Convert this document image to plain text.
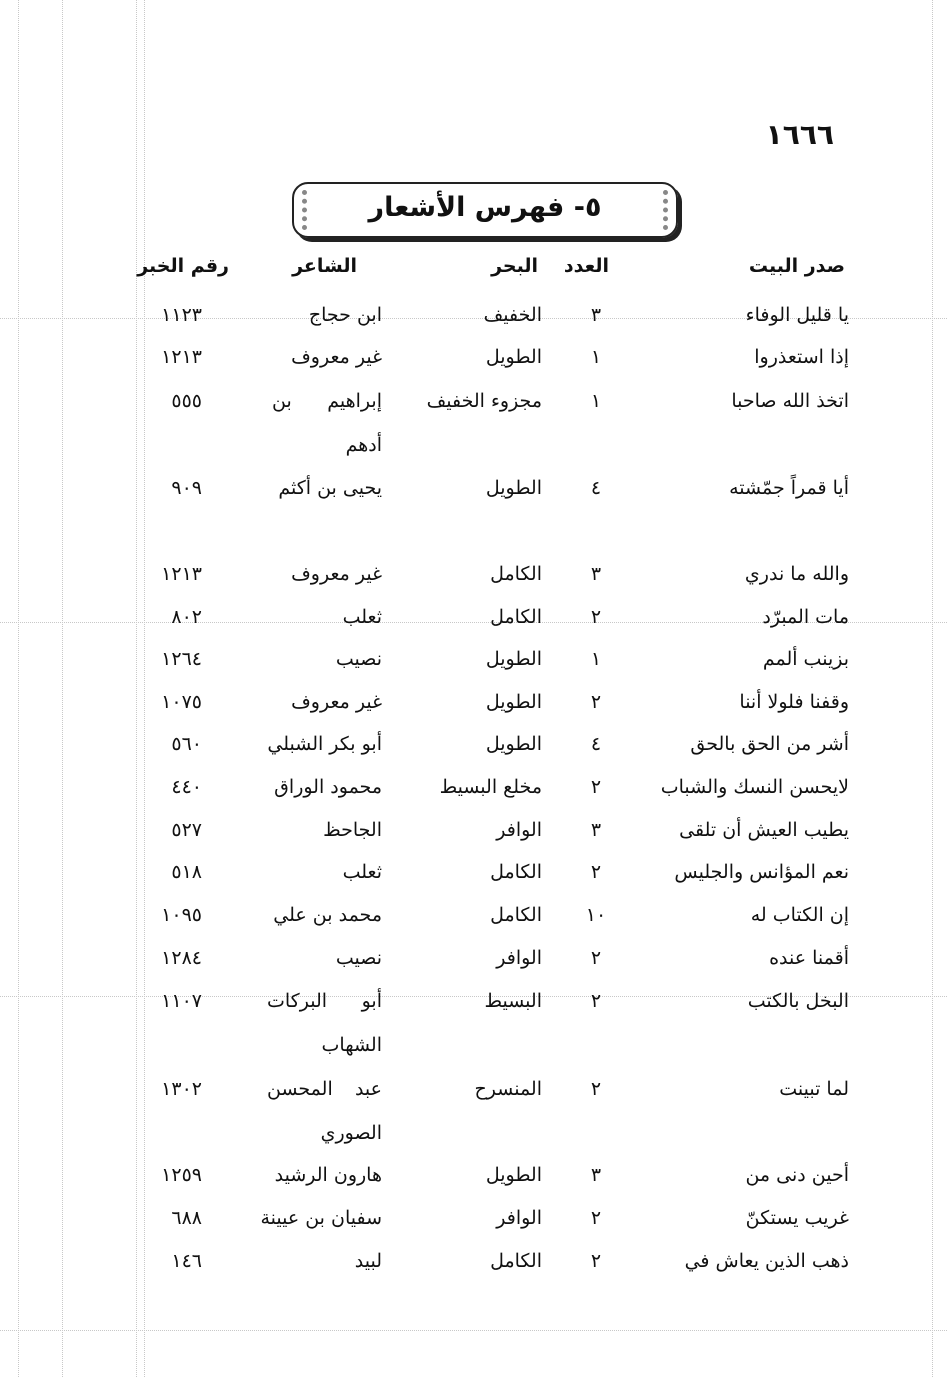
١٦٦٦
٥- فهرس الأشعار
صدر البيت
العدد
البحر
الشاعر
رقم الخبر
يا قليل الوفاء
٣
الخفيف
ابن حجاج
١١٢٣
إذا استعذروا
١
الطويل
غير معروف
١٢١٣
اتخذ الله صاحبا
١
مجزوء الخفيف
إبراهيم بن أدهم
٥٥٥
أيا قمراً جمّشته
٤
الطويل
يحيى بن أكثم
٩٠٩
والله ما ندري
٣
الكامل
غير معروف
١٢١٣
مات المبرّد
٢
الكامل
ثعلب
٨٠٢
بزينب ألمم
١
الطويل
نصيب
١٢٦٤
وقفنا فلولا أننا
٢
الطويل
غير معروف
١٠٧٥
أشر من الحق بالحق
٤
الطويل
أبو بكر الشبلي
٥٦٠
لايحسن النسك والشباب
٢
مخلع البسيط
محمود الوراق
٤٤٠
يطيب العيش أن تلقى
٣
الوافر
الجاحظ
٥٢٧
نعم المؤانس والجليس
٢
الكامل
ثعلب
٥١٨
إن الكتاب له
١٠
الكامل
محمد بن علي
١٠٩٥
أقمنا عنده
٢
الوافر
نصيب
١٢٨٤
البخل بالكتب
٢
البسيط
أبو البركات الشهاب
١١٠٧
لما تبينت
٢
المنسرح
عبد المحسن الصوري
١٣٠٢
أحين دنى من
٣
الطويل
هارون الرشيد
١٢٥٩
غريب يستكنّ
٢
الوافر
سفيان بن عيينة
٦٨٨
ذهب الذين يعاش في
٢
الكامل
لبيد
١٤٦
